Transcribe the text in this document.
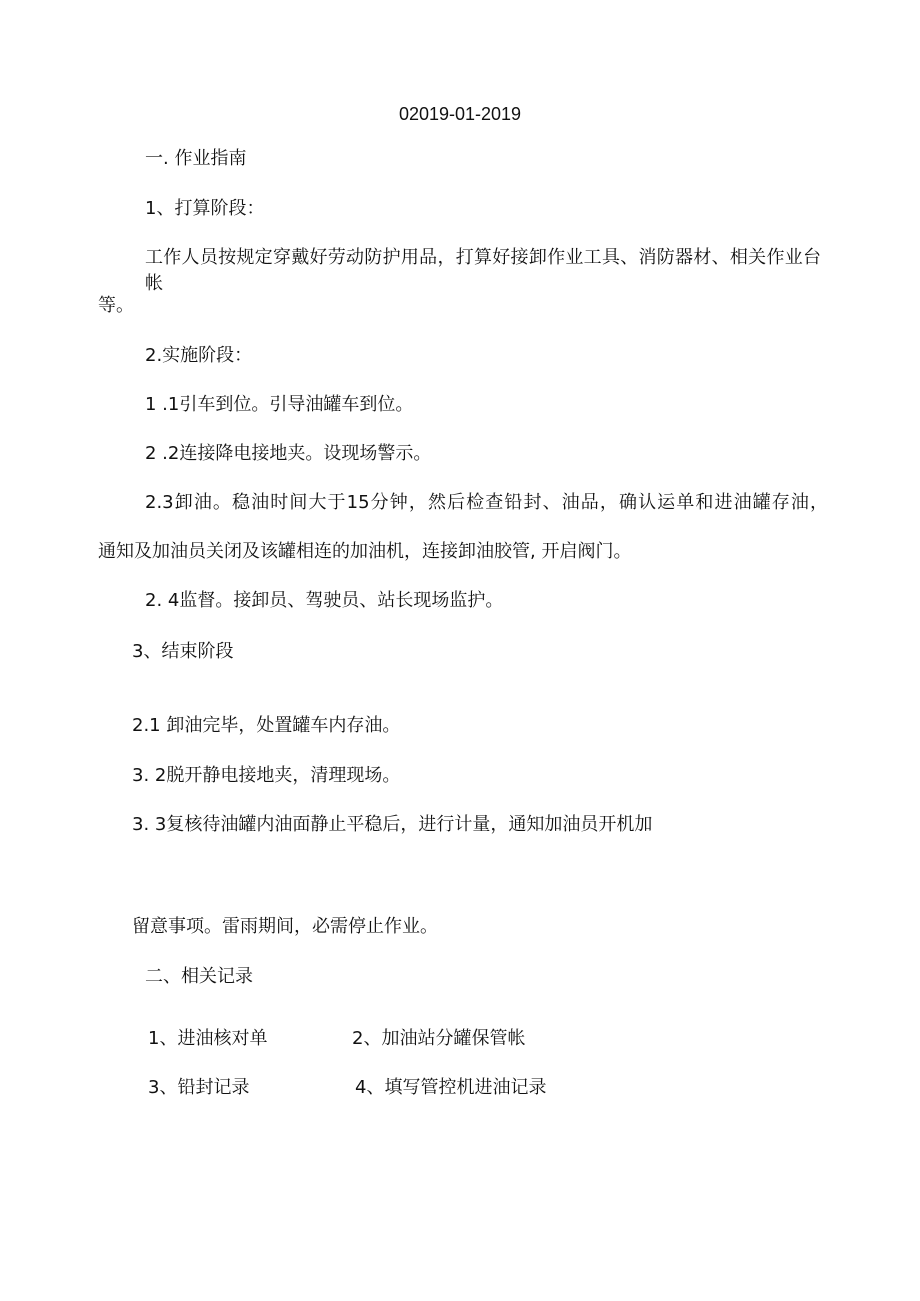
02019-01-2019
一. 作业指南
1、打算阶段：
工作人员按规定穿戴好劳动防护用品，打算好接卸作业工具、消防器材、相关作业台帐
等。
2.实施阶段：
1 .1引车到位。引导油罐车到位。
2 .2连接降电接地夹。设现场警示。
2.3卸油。稳油时间大于15分钟，然后检查铅封、油品，确认运单和进油罐存油，
通知及加油员关闭及该罐相连的加油机，连接卸油胶管, 开启阀门。
2. 4监督。接卸员、驾驶员、站长现场监护。
3、结束阶段
2.1 卸油完毕，处置罐车内存油。
3. 2脱开静电接地夹，清理现场。
3. 3复核待油罐内油面静止平稳后，进行计量，通知加油员开机加
留意事项。雷雨期间，必需停止作业。
二、相关记录
1、进油核对单	2、加油站分罐保管帐
3、铅封记录	4、填写管控机进油记录
